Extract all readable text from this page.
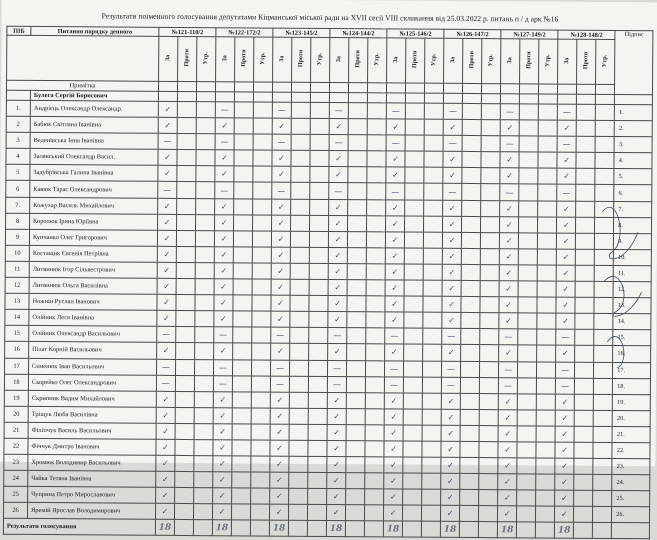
Результати поіменного голосування депутатами Кіцманської міської ради на XVII сесії VIII скликання від 25.03.2022 р. питань п / д арк №16
ПІБ	Питання порядку денного	№121-110/2			№122-172/2			№123-145/2			№124-144/2			№125-146/2			№126-147/2			№127-149/2			№128-148/2			Підпис
		За	Проти	Утр.	За	Проти	Утр.	За	Проти	Утр.	За	Проти	Утр.	За	Проти	Утр.	За	Проти	Утр.	За	Проти	Утр.	За	Проти	Утр.	
Примітка																										
	Булега Сергій Борисович																									
1.	Андрієць Олександр Олександр.	✓			—			—			—			—			—			—			—			1.
2	Бабюк Світлана Іванівна	✓			✓			✓			✓			✓			✓			✓			✓			2.
3	Веденівська Інна Іванівна	—			—			—			—			—			—			—			—			3.
4	Залявський Олександр Васил.	✓			✓			✓			✓			✓			✓			✓			✓			4.
5	Задубрівська Галина Іванівна	✓			✓			✓			✓			✓			✓			✓			✓			5.
6	Кавюк Тарас Олександрович	—			—			—			—			—			—			—			—			6.
7.	Кожухар Василь Михайлович	✓			✓			✓			✓			✓			✓			✓			✓			7.
8	Королюк Ірина Юріївна	✓			✓			✓			✓			✓			✓			✓			✓			8.
9	Купчанко Олег Григорович	✓			✓			✓			✓			✓			✓			✓			✓			9.
10	Костащик Євгенія Петрівна	✓			✓			✓			✓			✓			✓			✓			✓			10.
11	Литвинюк Ігор Сільвестрович	✓			✓			✓			✓			✓			✓			✓			✓			11.
12	Литвинюк Ольга Василівна	✓			✓			✓			✓			✓			✓			✓			✓			12.
13	Ножнін Руслан Іванович	✓			✓			✓			✓			✓			✓			✓			✓			13.
14	Олійник Леся Іванівна	✓			✓			✓			✓			✓			✓			✓			✓			14.
15	Олійник Олександр Васильович	—			—			—			—			—			—			—			—			15.
16	Пілат Корній Васильович	✓			✓			✓			✓			✓			✓			✓			✓			16.
17	Семенюк Іван Васильович	—			—			—			—			—			—			—			—			17.
18	Скорейко Олег Олександрович	—			—			—			—			—			—			—			—			18.
19	Скрипник Вадим Михайлович	✓			✓			✓			✓			✓			✓			✓			✓			19.
20	Тріщук Люба Василівна	✓			✓			✓			✓			✓			✓			✓			✓			20.
21	Філіпчук Василь Васильович	✓			✓			✓			✓			✓			✓			✓			✓			21.
22	Фіччук Дмитро Іванович	✓			✓			✓			✓			✓			✓			✓			✓			22.
23	Хромюк Володимир Васильович	✓			✓			✓			✓			✓			✓			✓			✓			23.
24	Чайка Тетяна Іванівна	✓			✓			✓			✓			✓			✓			✓			✓			24.
25	Чуприна Петро Мирославович	✓			✓			✓			✓			✓			✓			✓			✓			25.
26	Яремій Ярослав Володимирович	✓			✓			✓			✓			✓			✓			✓			✓			26.
Результати голосування		18			18			18			18			18			18			18			18			
